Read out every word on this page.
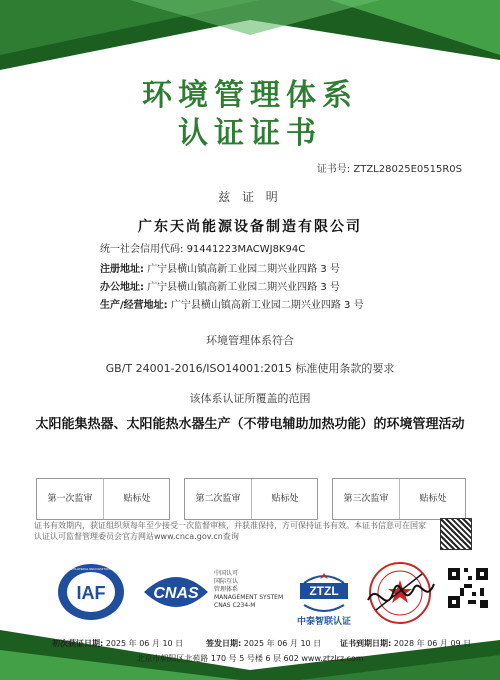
环境管理体系
认证证书
证书号: ZTZL28025E0515R0S
兹 证 明
广东天尚能源设备制造有限公司
统一社会信用代码: 91441223MACWJ8K94C
注册地址: 广宁县横山镇高新工业园二期兴业四路 3 号
办公地址: 广宁县横山镇高新工业园二期兴业四路 3 号
生产/经营地址: 广宁县横山镇高新工业园二期兴业四路 3 号
环境管理体系符合
GB/T 24001-2016/ISO14001:2015 标准使用条款的要求
该体系认证所覆盖的范围
太阳能集热器、太阳能热水器生产（不带电辅助加热功能）的环境管理活动
第一次监审	贴标处	第二次监审	贴标处	第三次监审	贴标处
证书有效期内，获证组织须每年至少接受一次监督审核，并获准保持，方可保持证书有效。本证书信息可在国家认证认可监督管理委员会官方网站www.cnca.gov.cn查询
IAF
MEMBER OF MULTILATERAL RECOGNITION ARRANGEMENT
CNAS
中国认可
国际互认
管理体系
MANAGEMENT SYSTEM
CNAS C234-M
ZTZL
中泰智联认证
初次获证日期: 2025 年 06 月 10 日	签发日期: 2025 年 06 月 10 日 证书到期日期: 2028 年 06 月 09 日
北京市朝阳区北苑路 170 号 5 号楼 6 层 602 www.ztzlrz.com
